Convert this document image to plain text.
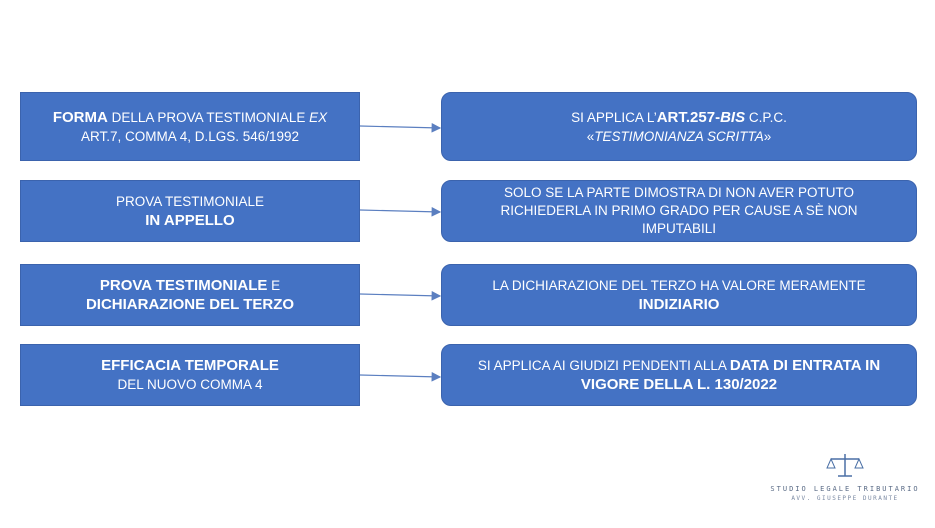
FORMA DELLA PROVA TESTIMONIALE EX
ART.7, COMMA 4, D.LGS. 546/1992
SI APPLICA L’ART.257-BIS C.P.C.
«TESTIMONIANZA SCRITTA»
PROVA TESTIMONIALE
IN APPELLO
SOLO SE LA PARTE DIMOSTRA DI NON AVER POTUTO
RICHIEDERLA IN PRIMO GRADO PER CAUSE A SÈ NON
IMPUTABILI
PROVA TESTIMONIALE E
DICHIARAZIONE DEL TERZO
LA DICHIARAZIONE DEL TERZO HA VALORE MERAMENTE
INDIZIARIO
EFFICACIA TEMPORALE
DEL NUOVO COMMA 4
SI APPLICA AI GIUDIZI PENDENTI ALLA DATA DI ENTRATA IN
VIGORE DELLA L. 130/2022
STUDIO LEGALE TRIBUTARIO
AVV. GIUSEPPE DURANTE
